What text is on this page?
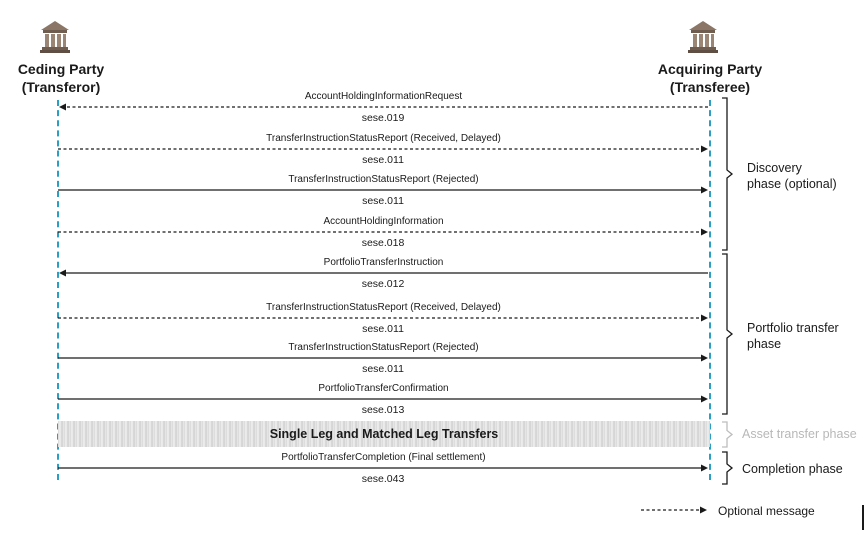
Ceding Party
(Transferor)
Acquiring Party
(Transferee)
AccountHoldingInformationRequest
sese.019
TransferInstructionStatusReport (Received, Delayed)
sese.011
TransferInstructionStatusReport (Rejected)
sese.011
AccountHoldingInformation
sese.018
PortfolioTransferInstruction
sese.012
TransferInstructionStatusReport (Received, Delayed)
sese.011
TransferInstructionStatusReport (Rejected)
sese.011
PortfolioTransferConfirmation
sese.013
PortfolioTransferCompletion (Final settlement)
sese.043
Single Leg and Matched Leg Transfers
Discovery
phase (optional)
Portfolio transfer
phase
Asset transfer phase
Completion phase
Optional message
